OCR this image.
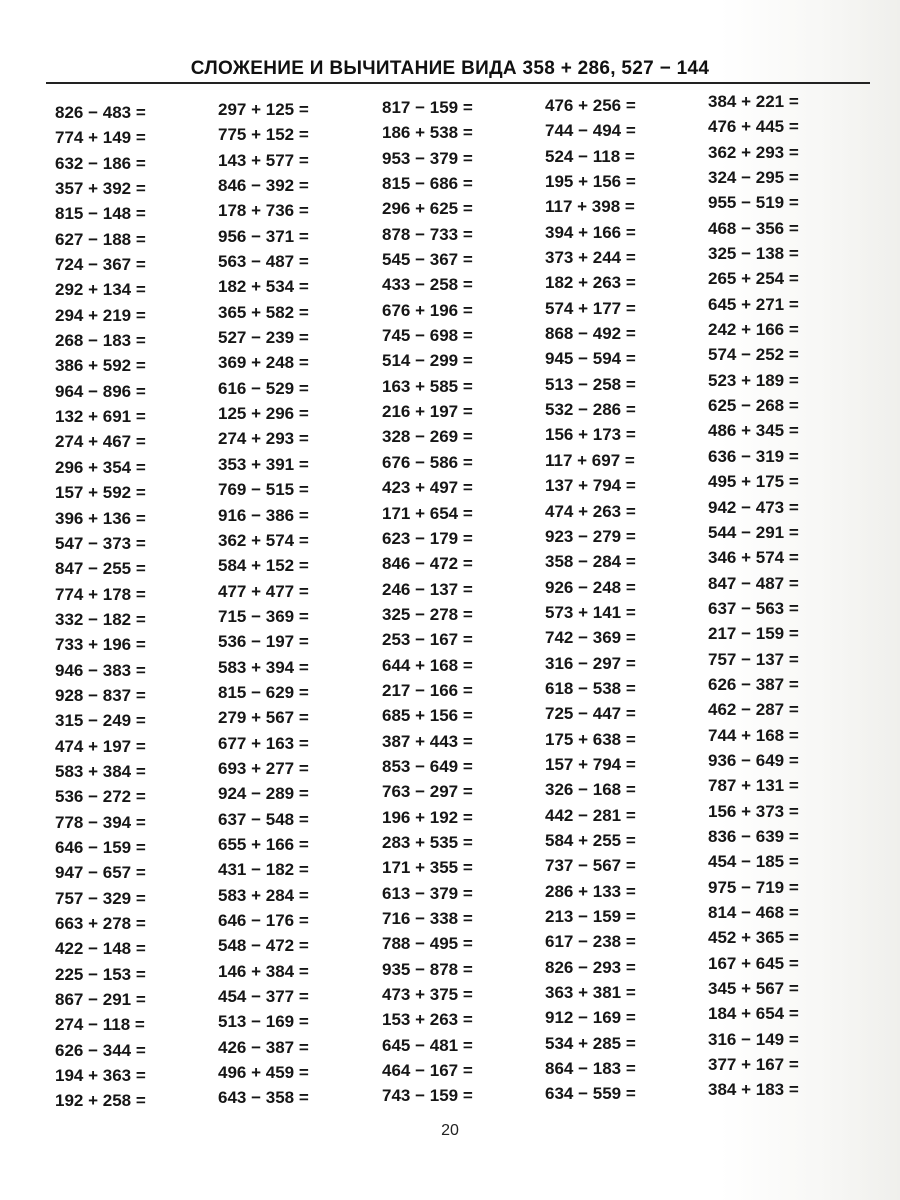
СЛОЖЕНИЕ И ВЫЧИТАНИЕ ВИДА 358 + 286, 527 − 144
826 − 483 =
774 + 149 =
632 − 186 =
357 + 392 =
815 − 148 =
627 − 188 =
724 − 367 =
292 + 134 =
294 + 219 =
268 − 183 =
386 + 592 =
964 − 896 =
132 + 691 =
274 + 467 =
296 + 354 =
157 + 592 =
396 + 136 =
547 − 373 =
847 − 255 =
774 + 178 =
332 − 182 =
733 + 196 =
946 − 383 =
928 − 837 =
315 − 249 =
474 + 197 =
583 + 384 =
536 − 272 =
778 − 394 =
646 − 159 =
947 − 657 =
757 − 329 =
663 + 278 =
422 − 148 =
225 − 153 =
867 − 291 =
274 − 118 =
626 − 344 =
194 + 363 =
192 + 258 =
297 + 125 =
775 + 152 =
143 + 577 =
846 − 392 =
178 + 736 =
956 − 371 =
563 − 487 =
182 + 534 =
365 + 582 =
527 − 239 =
369 + 248 =
616 − 529 =
125 + 296 =
274 + 293 =
353 + 391 =
769 − 515 =
916 − 386 =
362 + 574 =
584 + 152 =
477 + 477 =
715 − 369 =
536 − 197 =
583 + 394 =
815 − 629 =
279 + 567 =
677 + 163 =
693 + 277 =
924 − 289 =
637 − 548 =
655 + 166 =
431 − 182 =
583 + 284 =
646 − 176 =
548 − 472 =
146 + 384 =
454 − 377 =
513 − 169 =
426 − 387 =
496 + 459 =
643 − 358 =
817 − 159 =
186 + 538 =
953 − 379 =
815 − 686 =
296 + 625 =
878 − 733 =
545 − 367 =
433 − 258 =
676 + 196 =
745 − 698 =
514 − 299 =
163 + 585 =
216 + 197 =
328 − 269 =
676 − 586 =
423 + 497 =
171 + 654 =
623 − 179 =
846 − 472 =
246 − 137 =
325 − 278 =
253 − 167 =
644 + 168 =
217 − 166 =
685 + 156 =
387 + 443 =
853 − 649 =
763 − 297 =
196 + 192 =
283 + 535 =
171 + 355 =
613 − 379 =
716 − 338 =
788 − 495 =
935 − 878 =
473 + 375 =
153 + 263 =
645 − 481 =
464 − 167 =
743 − 159 =
476 + 256 =
744 − 494 =
524 − 118 =
195 + 156 =
117 + 398 =
394 + 166 =
373 + 244 =
182 + 263 =
574 + 177 =
868 − 492 =
945 − 594 =
513 − 258 =
532 − 286 =
156 + 173 =
117 + 697 =
137 + 794 =
474 + 263 =
923 − 279 =
358 − 284 =
926 − 248 =
573 + 141 =
742 − 369 =
316 − 297 =
618 − 538 =
725 − 447 =
175 + 638 =
157 + 794 =
326 − 168 =
442 − 281 =
584 + 255 =
737 − 567 =
286 + 133 =
213 − 159 =
617 − 238 =
826 − 293 =
363 + 381 =
912 − 169 =
534 + 285 =
864 − 183 =
634 − 559 =
384 + 221 =
476 + 445 =
362 + 293 =
324 − 295 =
955 − 519 =
468 − 356 =
325 − 138 =
265 + 254 =
645 + 271 =
242 + 166 =
574 − 252 =
523 + 189 =
625 − 268 =
486 + 345 =
636 − 319 =
495 + 175 =
942 − 473 =
544 − 291 =
346 + 574 =
847 − 487 =
637 − 563 =
217 − 159 =
757 − 137 =
626 − 387 =
462 − 287 =
744 + 168 =
936 − 649 =
787 + 131 =
156 + 373 =
836 − 639 =
454 − 185 =
975 − 719 =
814 − 468 =
452 + 365 =
167 + 645 =
345 + 567 =
184 + 654 =
316 − 149 =
377 + 167 =
384 + 183 =
20
